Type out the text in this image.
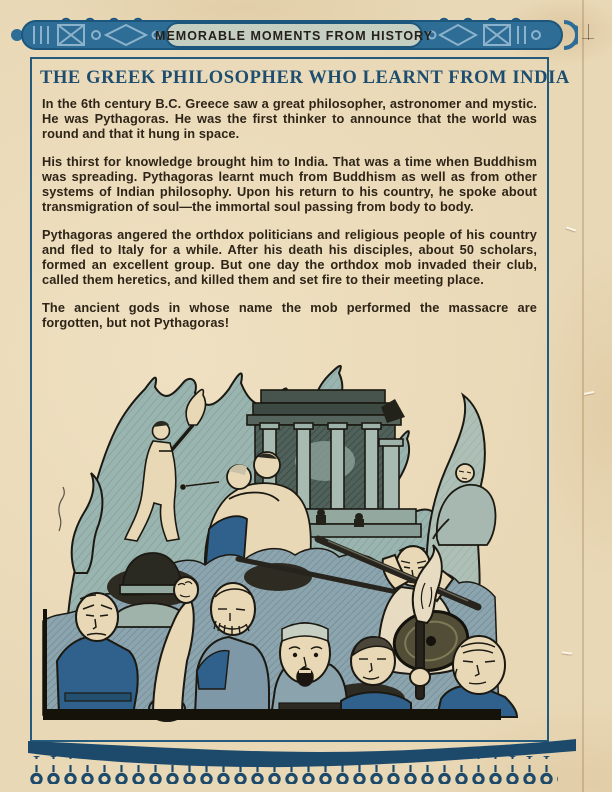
MEMORABLE MOMENTS FROM HISTORY
THE GREEK PHILOSOPHER WHO LEARNT FROM INDIA

In the 6th century B.C. Greece saw a great philosopher, astronomer and mystic. He was Pythagoras. He was the first thinker to announce that the world was round and that it hung in space.

His thirst for knowledge brought him to India. That was a time when Buddhism was spreading. Pythagoras learnt much from Buddhism as well as from other systems of Indian philosophy. Upon his return to his country, he spoke about transmigration of soul—the immortal soul passing from body to body.

Pythagoras angered the orthdox politicians and religious people of his country and fled to Italy for a while. After his death his disciples, about 50 scholars, formed an excellent group. But one day the orthdox mob invaded their club, called them heretics, and killed them and set fire to their meeting place.

The ancient gods in whose name the mob performed the massacre are forgotten, but not Pythagoras!
